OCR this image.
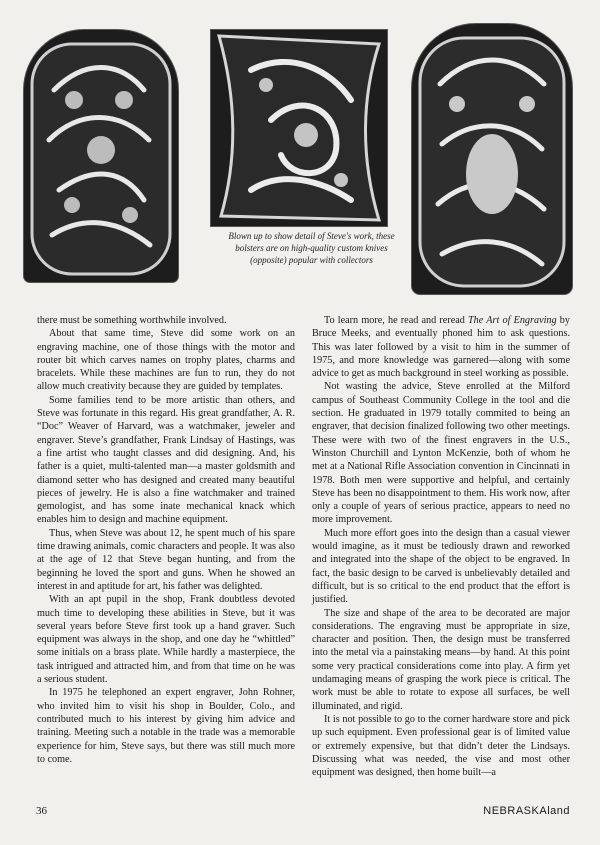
Blown up to show detail of Steve's work, these bolsters are on high-quality custom knives (opposite) popular with collectors

there must be something worthwhile involved.

About that same time, Steve did some work on an engraving machine, one of those things with the motor and router bit which carves names on trophy plates, charms and bracelets. While these machines are fun to run, they do not allow much creativity because they are guided by templates.

Some families tend to be more artistic than others, and Steve was fortunate in this regard. His great grandfather, A. R. “Doc” Weaver of Harvard, was a watchmaker, jeweler and engraver. Steve’s grandfather, Frank Lindsay of Hastings, was a fine artist who taught classes and did designing. And, his father is a quiet, multi-talented man—a master goldsmith and diamond setter who has designed and created many beautiful pieces of jewelry. He is also a fine watchmaker and trained gemologist, and has some inate mechanical knack which enables him to design and machine equipment.

Thus, when Steve was about 12, he spent much of his spare time drawing animals, comic characters and people. It was also at the age of 12 that Steve began hunting, and from the beginning he loved the sport and guns. When he showed an interest in and aptitude for art, his father was delighted.

With an apt pupil in the shop, Frank doubtless devoted much time to developing these abilities in Steve, but it was several years before Steve first took up a hand graver. Such equipment was always in the shop, and one day he “whittled” some initials on a brass plate. While hardly a masterpiece, the task intrigued and attracted him, and from that time on he was a serious student.

In 1975 he telephoned an expert engraver, John Rohner, who invited him to visit his shop in Boulder, Colo., and contributed much to his interest by giving him advice and training. Meeting such a notable in the trade was a memorable experience for him, Steve says, but there was still much more to come.

To learn more, he read and reread The Art of Engraving by Bruce Meeks, and eventually phoned him to ask questions. This was later followed by a visit to him in the summer of 1975, and more knowledge was garnered—along with some advice to get as much background in steel working as possible.

Not wasting the advice, Steve enrolled at the Milford campus of Southeast Community College in the tool and die section. He graduated in 1979 totally commited to being an engraver, that decision finalized following two other meetings. These were with two of the finest engravers in the U.S., Winston Churchill and Lynton McKenzie, both of whom he met at a National Rifle Association convention in Cincinnati in 1978. Both men were supportive and helpful, and certainly Steve has been no disappointment to them. His work now, after only a couple of years of serious practice, appears to need no more improvement.

Much more effort goes into the design than a casual viewer would imagine, as it must be tediously drawn and reworked and integrated into the shape of the object to be engraved. In fact, the basic design to be carved is unbelievably detailed and difficult, but is so critical to the end product that the effort is justified.

The size and shape of the area to be decorated are major considerations. The engraving must be appropriate in size, character and position. Then, the design must be transferred into the metal via a painstaking means—by hand. At this point some very practical considerations come into play. A firm yet undamaging means of grasping the work piece is critical. The work must be able to rotate to expose all surfaces, be well illuminated, and rigid.

It is not possible to go to the corner hardware store and pick up such equipment. Even professional gear is of limited value or extremely expensive, but that didn’t deter the Lindsays. Discussing what was needed, the vise and most other equipment was designed, then home built—a

36	NEBRASKAland
